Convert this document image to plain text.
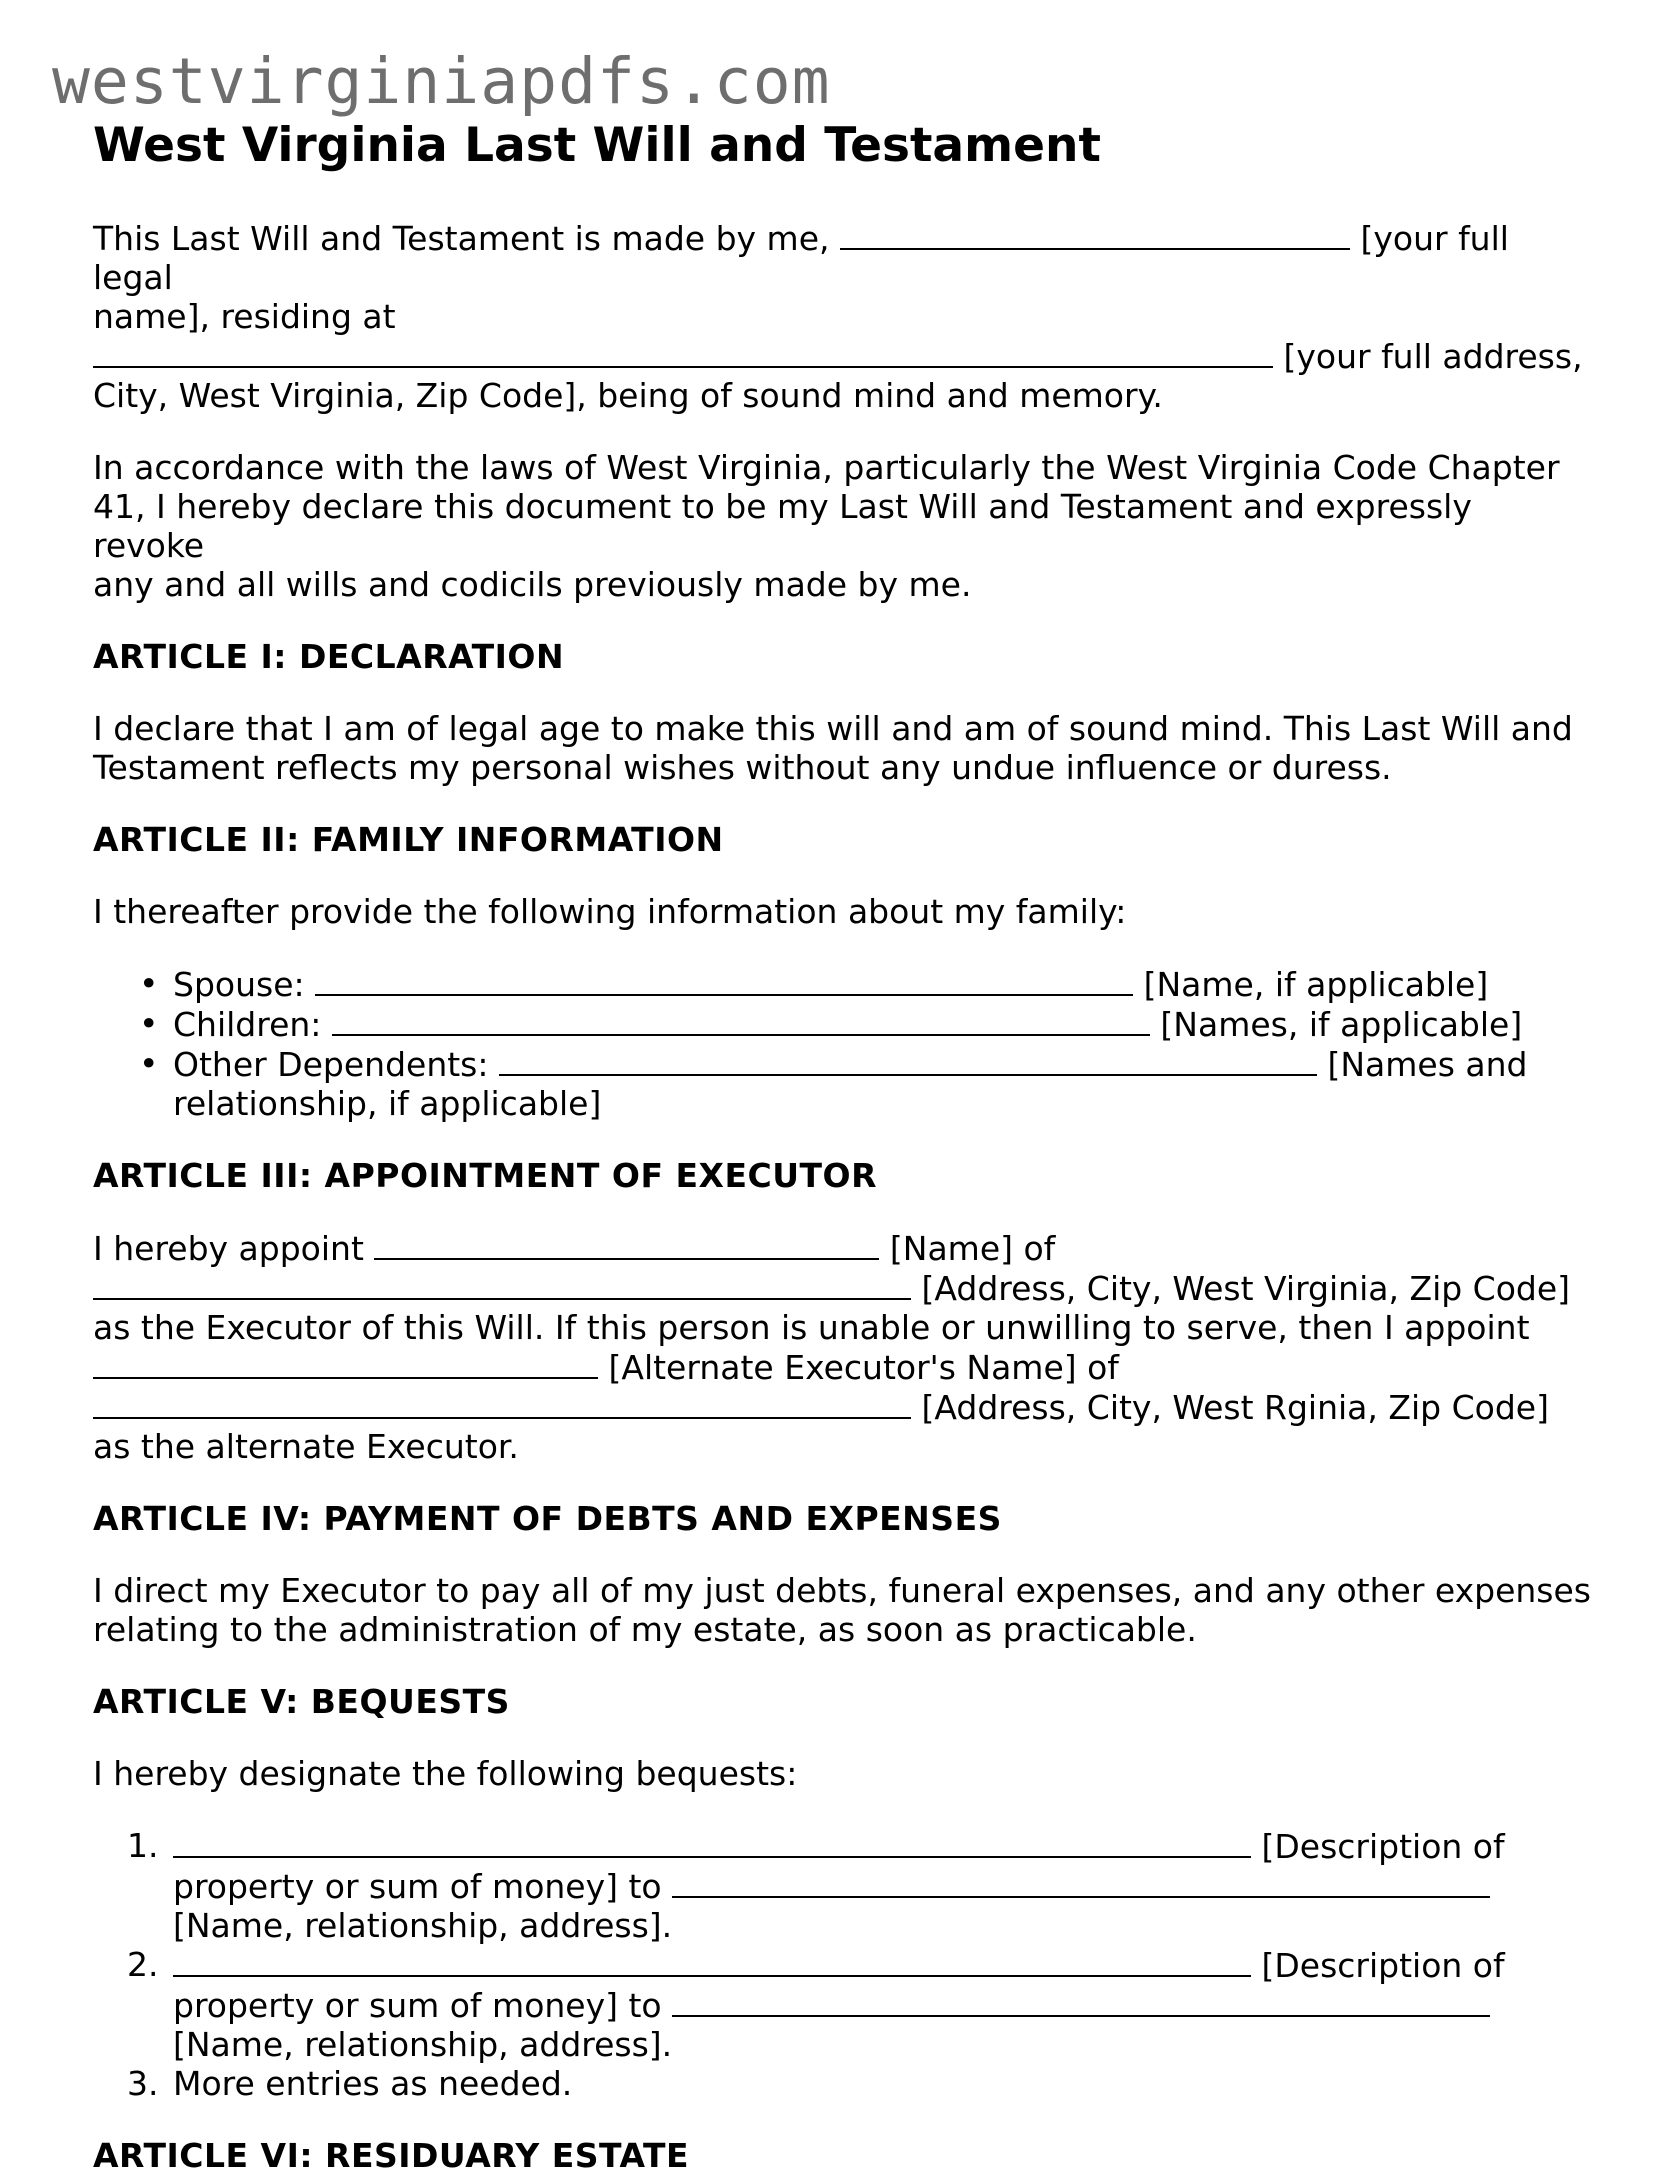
westvirginiapdfs.com
West Virginia Last Will and Testament

This Last Will and Testament is made by me,	[your full legal
name], residing at
[your full address,
City, West Virginia, Zip Code], being of sound mind and memory.

In accordance with the laws of West Virginia, particularly the West Virginia Code Chapter
41, I hereby declare this document to be my Last Will and Testament and expressly revoke
any and all wills and codicils previously made by me.

ARTICLE I: DECLARATION

I declare that I am of legal age to make this will and am of sound mind. This Last Will and
Testament reflects my personal wishes without any undue influence or duress.

ARTICLE II: FAMILY INFORMATION

I thereafter provide the following information about my family:

• Spouse:	[Name, if applicable]
• Children:	[Names, if applicable]
• Other Dependents:	[Names and
relationship, if applicable]
ARTICLE III: APPOINTMENT OF EXECUTOR

I hereby appoint	[Name] of
[Address, City, West Virginia, Zip Code]
as the Executor of this Will. If this person is unable or unwilling to serve, then I appoint
[Alternate Executor's Name] of
[Address, City, West Rginia, Zip Code]
as the alternate Executor.

ARTICLE IV: PAYMENT OF DEBTS AND EXPENSES

I direct my Executor to pay all of my just debts, funeral expenses, and any other expenses
relating to the administration of my estate, as soon as practicable.

ARTICLE V: BEQUESTS

I hereby designate the following bequests:

1.	[Description of
property or sum of money] to
[Name, relationship, address].
2.	[Description of
property or sum of money] to
[Name, relationship, address].
3. More entries as needed.
ARTICLE VI: RESIDUARY ESTATE
